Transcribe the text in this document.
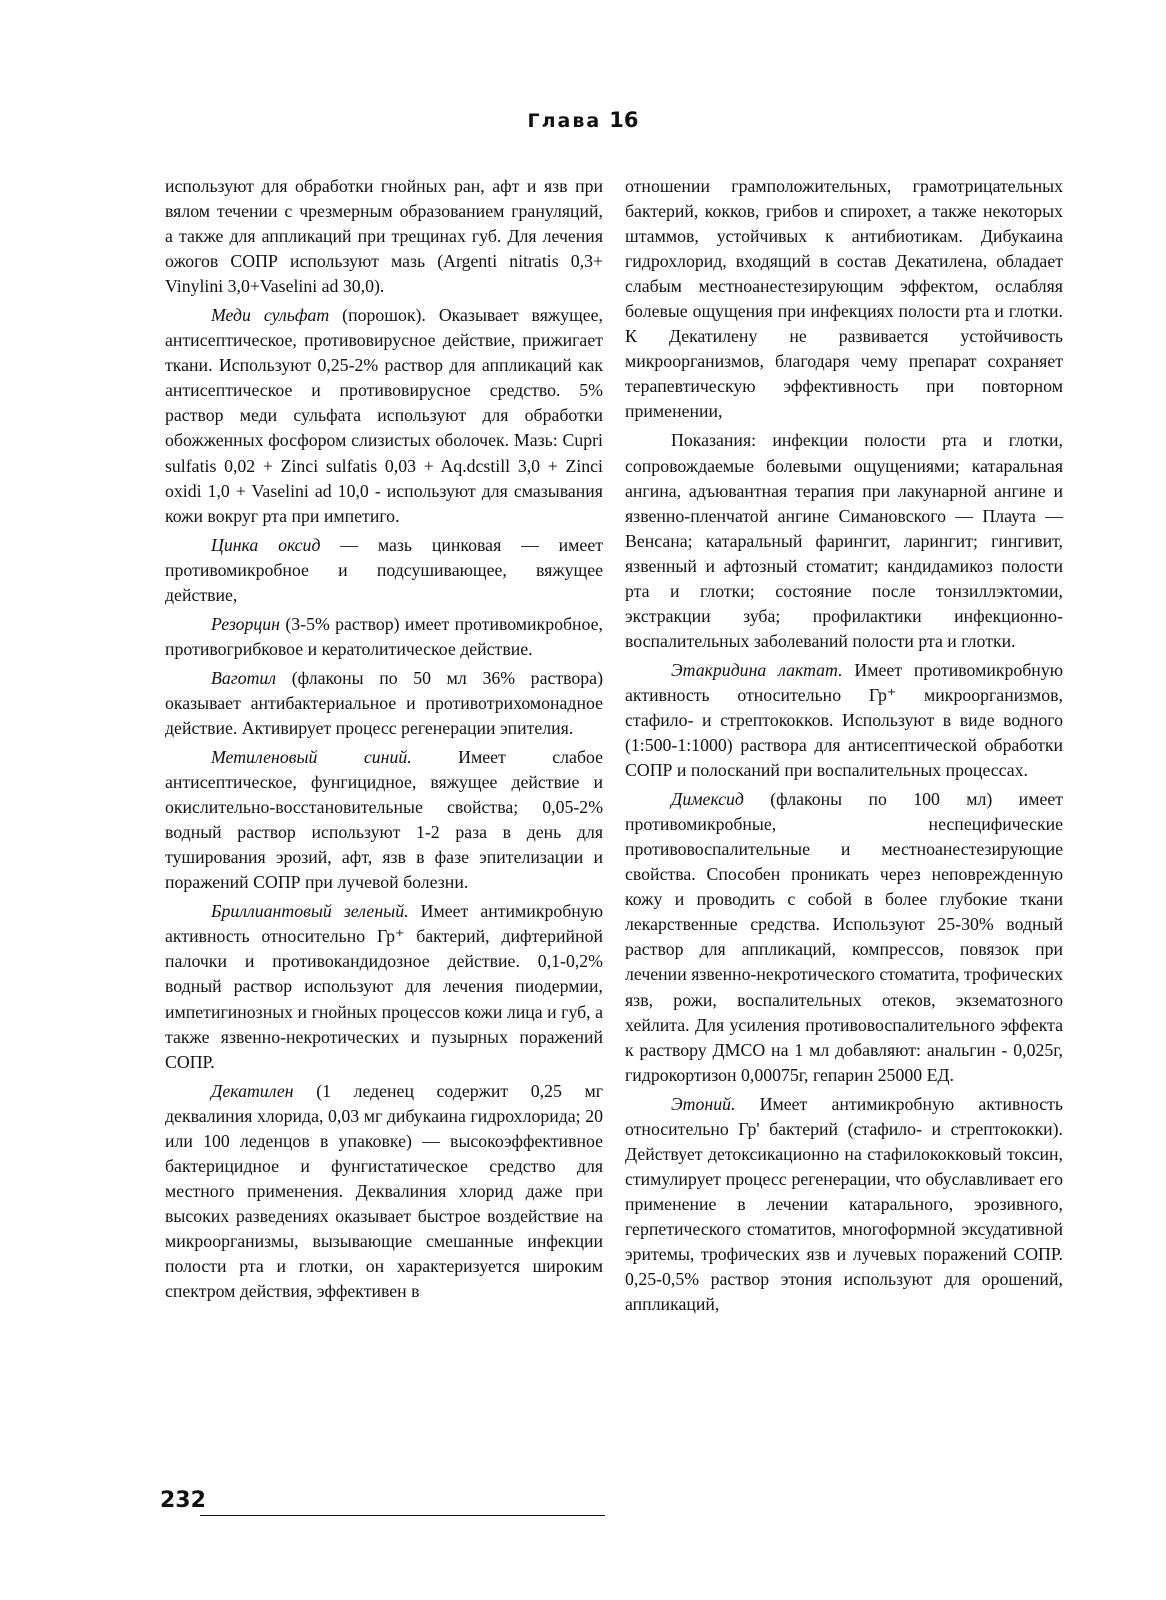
Глава 16

используют для обработки гнойных ран, афт и язв при вялом течении с чрезмерным образованием грануляций, а также для аппликаций при трещинах губ. Для лечения ожогов СОПР используют мазь (Argenti nitratis 0,3+ Vinylini 3,0+Vaselini ad 30,0).

Меди сульфат (порошок). Оказывает вяжущее, антисептическое, противовирусное действие, прижигает ткани. Используют 0,25-2% раствор для аппликаций как антисептическое и противовирусное средство. 5% раствор меди сульфата используют для обработки обожженных фосфором слизистых оболочек. Мазь: Cupri sulfatis 0,02 + Zinci sulfatis 0,03 + Aq.dcstill 3,0 + Zinci oxidi 1,0 + Vaselini ad 10,0 - используют для смазывания кожи вокруг рта при импетиго.

Цинка оксид — мазь цинковая — имеет противомикробное и подсушивающее, вяжущее действие,

Резорцин (3-5% раствор) имеет противомикробное, противогрибковое и кератолитическое действие.

Ваготил (флаконы по 50 мл 36% раствора) оказывает антибактериальное и противотрихомонадное действие. Активирует процесс регенерации эпителия.

Метиленовый синий. Имеет слабое антисептическое, фунгицидное, вяжущее действие и окислительно-восстановительные свойства; 0,05-2% водный раствор используют 1-2 раза в день для туширования эрозий, афт, язв в фазе эпителизации и поражений СОПР при лучевой болезни.

Бриллиантовый зеленый. Имеет антимикробную активность относительно Гр⁺ бактерий, дифтерийной палочки и противокандидозное действие. 0,1-0,2% водный раствор используют для лечения пиодермии, импетигинозных и гнойных процессов кожи лица и губ, а также язвенно-некротических и пузырных поражений СОПР.

Декатилен (1 леденец содержит 0,25 мг деквалиния хлорида, 0,03 мг дибукаина гидрохлорида; 20 или 100 леденцов в упаковке) — высокоэффективное бактерицидное и фунгистатическое средство для местного применения. Деквалиния хлорид даже при высоких разведениях оказывает быстрое воздействие на микроорганизмы, вызывающие смешанные инфекции полости рта и глотки, он характеризуется широким спектром действия, эффективен в

отношении грамположительных, грамотрицательных бактерий, кокков, грибов и спирохет, а также некоторых штаммов, устойчивых к антибиотикам. Дибукаина гидрохлорид, входящий в состав Декатилена, обладает слабым местноанестезирующим эффектом, ослабляя болевые ощущения при инфекциях полости рта и глотки. К Декатилену не развивается устойчивость микроорганизмов, благодаря чему препарат сохраняет терапевтическую эффективность при повторном применении,

Показания: инфекции полости рта и глотки, сопровождаемые болевыми ощущениями; катаральная ангина, адъювантная терапия при лакунарной ангине и язвенно-пленчатой ангине Симановского — Плаута — Венсана; катаральный фарингит, ларингит; гингивит, язвенный и афтозный стоматит; кандидамикоз полости рта и глотки; состояние после тонзиллэктомии, экстракции зуба; профилактики инфекционно-воспалительных заболеваний полости рта и глотки.

Этакридина лактат. Имеет противомикробную активность относительно Гр⁺ микроорганизмов, стафило- и стрептококков. Используют в виде водного (1:500-1:1000) раствора для антисептической обработки СОПР и полосканий при воспалительных процессах.

Димексид (флаконы по 100 мл) имеет противомикробные, неспецифические противовоспалительные и местноанестезирующие свойства. Способен проникать через неповрежденную кожу и проводить с собой в более глубокие ткани лекарственные средства. Используют 25-30% водный раствор для аппликаций, компрессов, повязок при лечении язвенно-некротического стоматита, трофических язв, рожи, воспалительных отеков, экзематозного хейлита. Для усиления противовоспалительного эффекта к раствору ДМСО на 1 мл добавляют: анальгин - 0,025г, гидрокортизон 0,00075г, гепарин 25000 ЕД.

Этоний. Имеет антимикробную активность относительно Гр' бактерий (стафило- и стрептококки). Действует детоксикационно на стафилококковый токсин, стимулирует процесс регенерации, что обуславливает его применение в лечении катарального, эрозивного, герпетического стоматитов, многоформной эксудативной эритемы, трофических язв и лучевых поражений СОПР. 0,25-0,5% раствор этония используют для орошений, аппликаций,

232
